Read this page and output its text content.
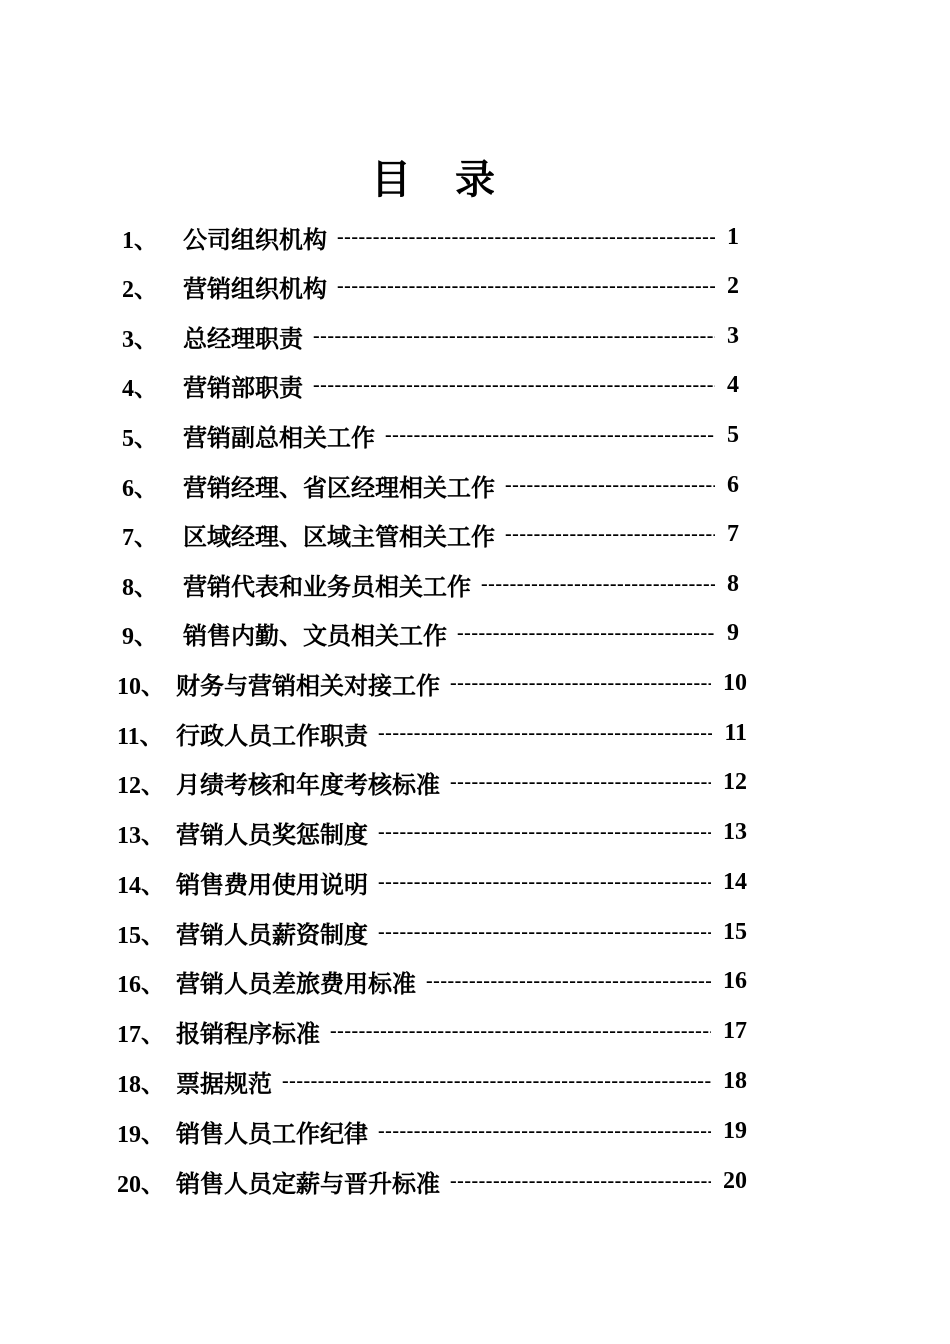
目 录
1、	公司组织机构 -----	1
2、	营销组织机构 -----	2
3、	总经理职责 -----	3
4、	营销部职责 -----	4
5、	营销副总相关工作 -----	5
6、	营销经理、省区经理相关工作 -----	6
7、	区域经理、区域主管相关工作 -----	7
8、	营销代表和业务员相关工作 -----	8
9、	销售内勤、文员相关工作 -----	9
10、 财务与营销相关对接工作 -----	10
11、 行政人员工作职责 -----	11
12、 月绩考核和年度考核标准 -----	12
13、 营销人员奖惩制度 -----	13
14、 销售费用使用说明 -----	14
15、 营销人员薪资制度 -----	15
16、 营销人员差旅费用标准 -----	16
17、 报销程序标准 -----	17
18、 票据规范 -----	18
19、 销售人员工作纪律 -----	19
20、 销售人员定薪与晋升标准 -----	20
